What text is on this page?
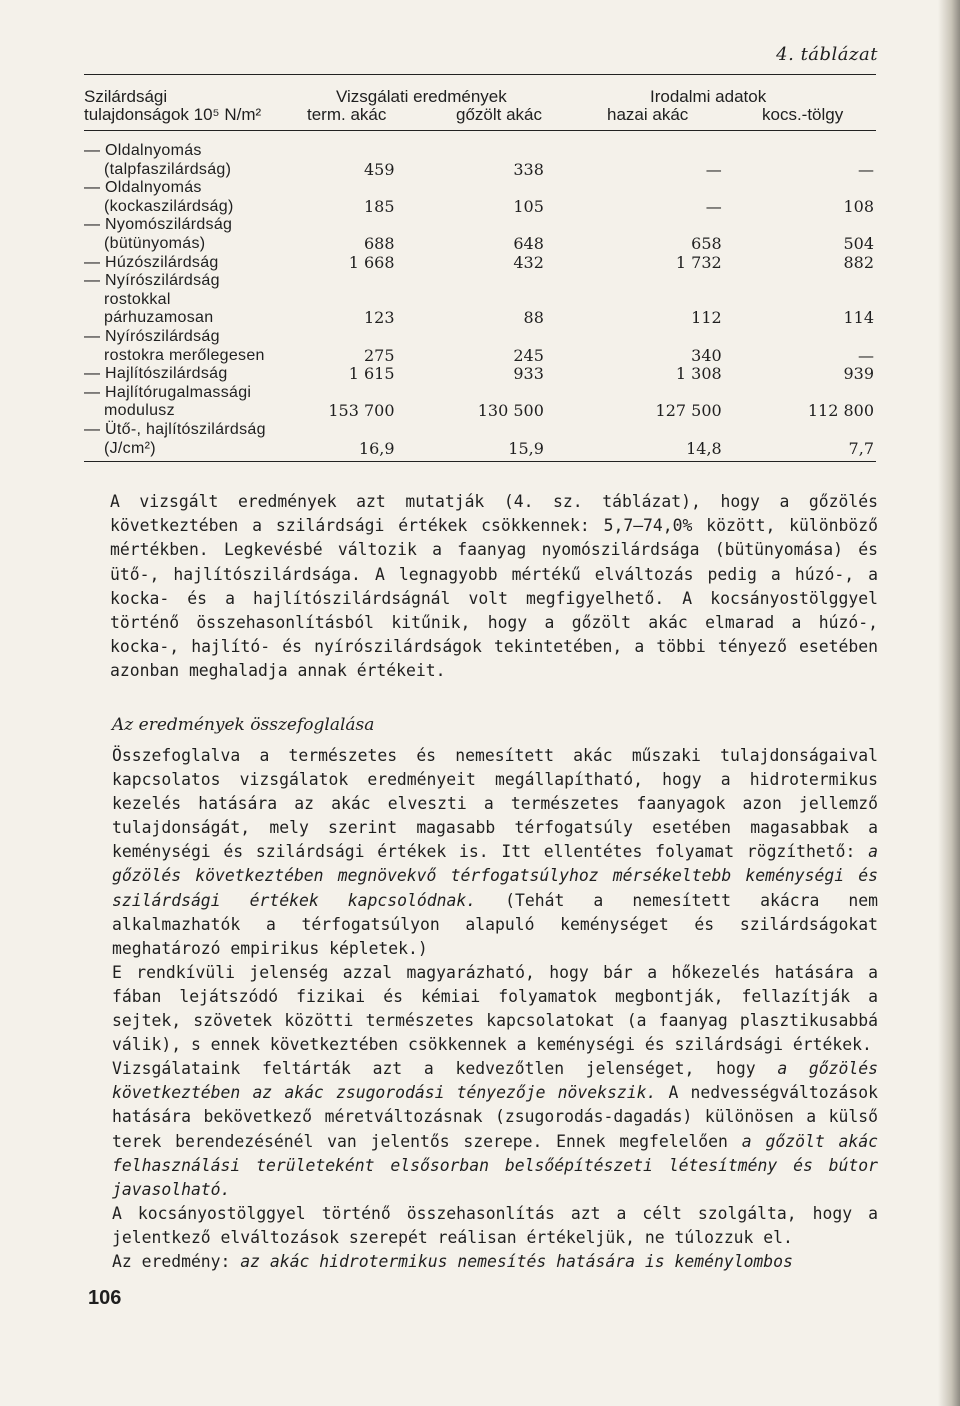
4. táblázat
Szilárdsági
tulajdonságok 10⁵ N/m²
Vizsgálati eredmények	Irodalmi adatok
term. akác	gőzölt akác	hazai akác	kocs.-tölgy
— Oldalnyomás							
(talpfaszilárdság)	459		338		—		—
— Oldalnyomás							
(kockaszilárdság)	185		105		—		108
— Nyomószilárdság							
(bütünyomás)	688		648		658		504
— Húzószilárdság	1 668		432		1 732		882
— Nyírószilárdság							
rostokkal							
párhuzamosan	123		88		112		114
— Nyírószilárdság							
rostokra merőlegesen	275		245		340		—
— Hajlítószilárdság	1 615		933		1 308		939
— Hajlítórugalmassági							
modulusz	153 700		130 500		127 500		112 800
— Ütő-, hajlítószilárdság							
(J/cm²)	16,9		15,9		14,8		7,7

A vizsgált eredmények azt mutatják (4. sz. táblázat), hogy a gőzölés következtében a szilárdsági értékek csökkennek: 5,7—74,0% között, különböző mértékben. Legkevésbé változik a faanyag nyomószilárdsága (bütünyomása) és ütő-, hajlítószilárdsága. A legnagyobb mértékű elváltozás pedig a húzó-, a kocka- és a hajlítószilárdságnál volt megfigyelhető. A kocsányostölggyel történő összehasonlításból kitűnik, hogy a gőzölt akác elmarad a húzó-, kocka-, hajlító- és nyírószilárdságok tekintetében, a többi tényező esetében azonban meghaladja annak értékeit.

Az eredmények összefoglalása

Összefoglalva a természetes és nemesített akác műszaki tulajdonságaival kapcsolatos vizsgálatok eredményeit megállapítható, hogy a hidrotermikus kezelés hatására az akác elveszti a természetes faanyagok azon jellemző tulajdonságát, mely szerint magasabb térfogatsúly esetében magasabbak a keménységi és szilárdsági értékek is. Itt ellentétes folyamat rögzíthető: a gőzölés következtében megnövekvő térfogatsúlyhoz mérsékeltebb keménységi és szilárdsági értékek kapcsolódnak. (Tehát a nemesített akácra nem alkalmazhatók a térfogatsúlyon alapuló keménységet és szilárdságokat meghatározó empirikus képletek.)

E rendkívüli jelenség azzal magyarázható, hogy bár a hőkezelés hatására a fában lejátszódó fizikai és kémiai folyamatok megbontják, fellazítják a sejtek, szövetek közötti természetes kapcsolatokat (a faanyag plasztikusabbá válik), s ennek következtében csökkennek a keménységi és szilárdsági értékek.

Vizsgálataink feltárták azt a kedvezőtlen jelenséget, hogy a gőzölés következtében az akác zsugorodási tényezője növekszik. A nedvességváltozások hatására bekövetkező méretváltozásnak (zsugorodás-dagadás) különösen a külső terek berendezésénél van jelentős szerepe. Ennek megfelelően a gőzölt akác felhasználási területeként elsősorban belsőépítészeti létesítmény és bútor javasolható.

A kocsányostölggyel történő összehasonlítás azt a célt szolgálta, hogy a jelentkező elváltozások szerepét reálisan értékeljük, ne túlozzuk el.

Az eredmény: az akác hidrotermikus nemesítés hatására is keménylombos

106
